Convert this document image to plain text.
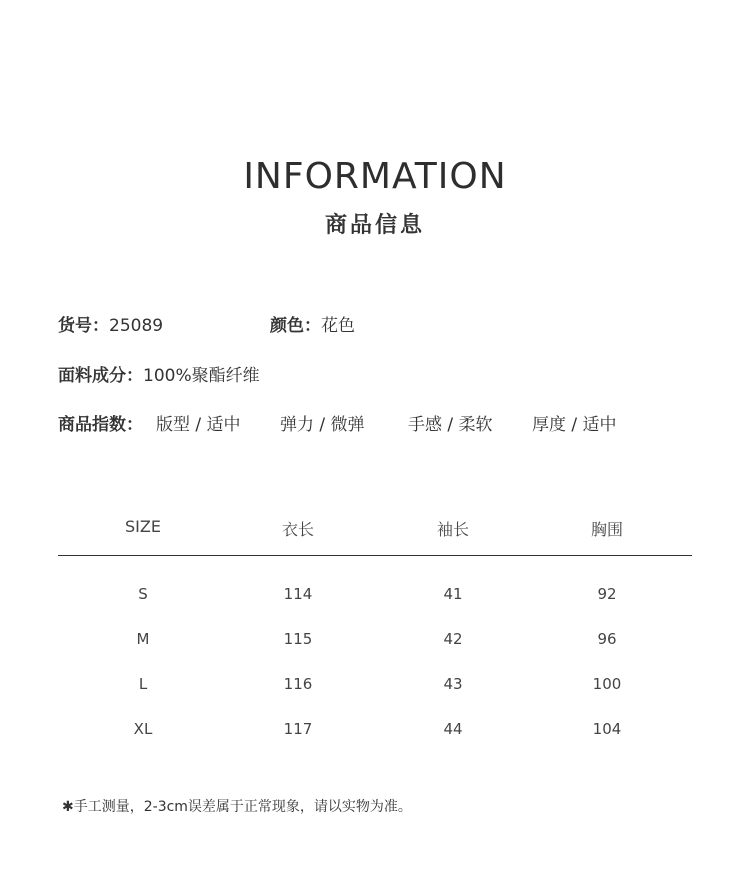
INFORMATION
商品信息
货号：25089	颜色：花色
面料成分：100%聚酯纤维
商品指数： 版型 / 适中 弹力 / 微弹	手感 / 柔软 厚度 / 适中
SIZE	衣长	袖长	胸围
S	114	41	92
M	115	42	96
L	116	43	100
XL	117	44	104
✱手工测量，2-3cm误差属于正常现象，请以实物为准。
